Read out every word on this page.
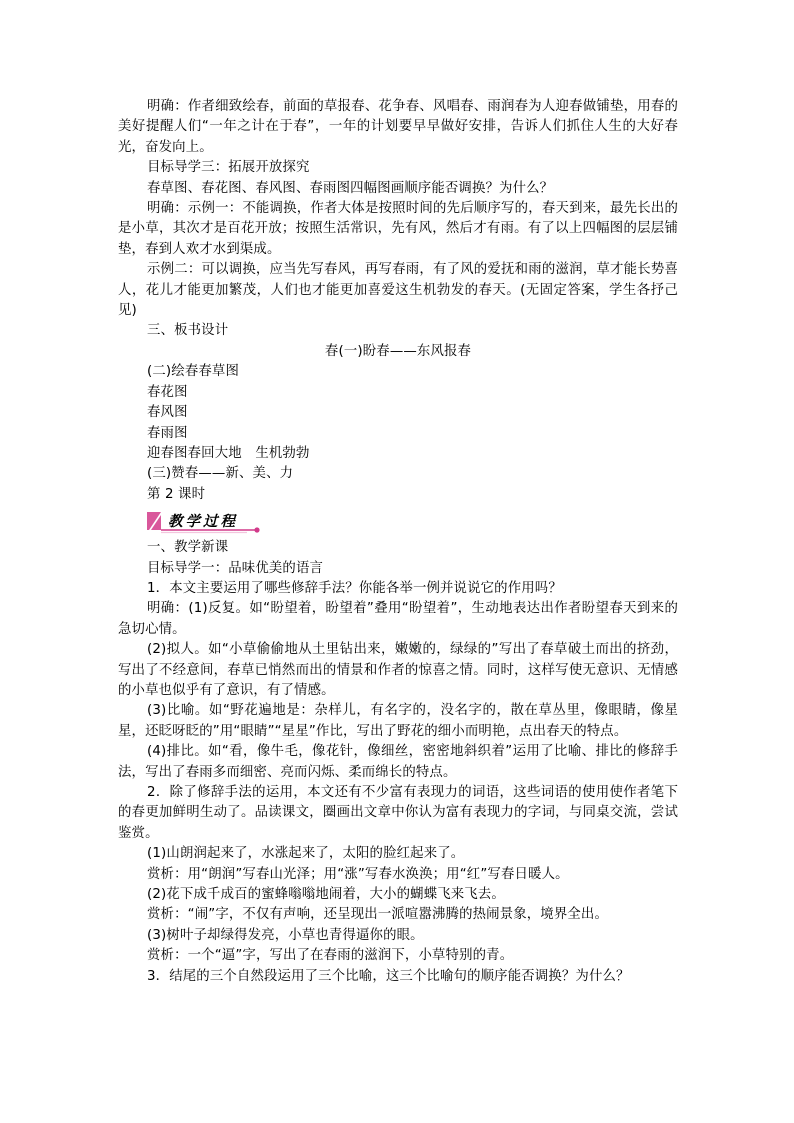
明确：作者细致绘春，前面的草报春、花争春、风唱春、雨润春为人迎春做铺垫，用春的美好提醒人们“一年之计在于春”，一年的计划要早早做好安排，告诉人们抓住人生的大好春光，奋发向上。

目标导学三：拓展开放探究

春草图、春花图、春风图、春雨图四幅图画顺序能否调换？为什么？

明确：示例一：不能调换，作者大体是按照时间的先后顺序写的，春天到来，最先长出的是小草，其次才是百花开放；按照生活常识，先有风，然后才有雨。有了以上四幅图的层层铺垫，春到人欢才水到渠成。

示例二：可以调换，应当先写春风，再写春雨，有了风的爱抚和雨的滋润，草才能长势喜人，花儿才能更加繁茂，人们也才能更加喜爱这生机勃发的春天。(无固定答案，学生各抒己见)

三、板书设计

春(一)盼春——东风报春

(二)绘春春草图

春花图

春风图

春雨图

迎春图春回大地　生机勃勃

(三)赞春——新、美、力

第 2 课时

教学过程

一、教学新课

目标导学一：品味优美的语言

1．本文主要运用了哪些修辞手法？你能各举一例并说说它的作用吗？

明确：(1)反复。如“盼望着，盼望着”叠用“盼望着”，生动地表达出作者盼望春天到来的急切心情。

(2)拟人。如“小草偷偷地从土里钻出来，嫩嫩的，绿绿的”写出了春草破土而出的挤劲，写出了不经意间，春草已悄然而出的情景和作者的惊喜之情。同时，这样写使无意识、无情感的小草也似乎有了意识，有了情感。

(3)比喻。如“野花遍地是：杂样儿，有名字的，没名字的，散在草丛里，像眼睛，像星星，还眨呀眨的”用“眼睛”“星星”作比，写出了野花的细小而明艳，点出春天的特点。

(4)排比。如“看，像牛毛，像花针，像细丝，密密地斜织着”运用了比喻、排比的修辞手法，写出了春雨多而细密、亮而闪烁、柔而绵长的特点。

2．除了修辞手法的运用，本文还有不少富有表现力的词语，这些词语的使用使作者笔下的春更加鲜明生动了。品读课文，圈画出文章中你认为富有表现力的字词，与同桌交流，尝试鉴赏。

(1)山朗润起来了，水涨起来了，太阳的脸红起来了。

赏析：用“朗润”写春山光泽；用“涨”写春水涣涣；用“红”写春日暖人。

(2)花下成千成百的蜜蜂嗡嗡地闹着，大小的蝴蝶飞来飞去。

赏析：“闹”字，不仅有声响，还呈现出一派喧嚣沸腾的热闹景象，境界全出。

(3)树叶子却绿得发亮，小草也青得逼你的眼。

赏析：一个“逼”字，写出了在春雨的滋润下，小草特别的青。

3．结尾的三个自然段运用了三个比喻，这三个比喻句的顺序能否调换？为什么？
